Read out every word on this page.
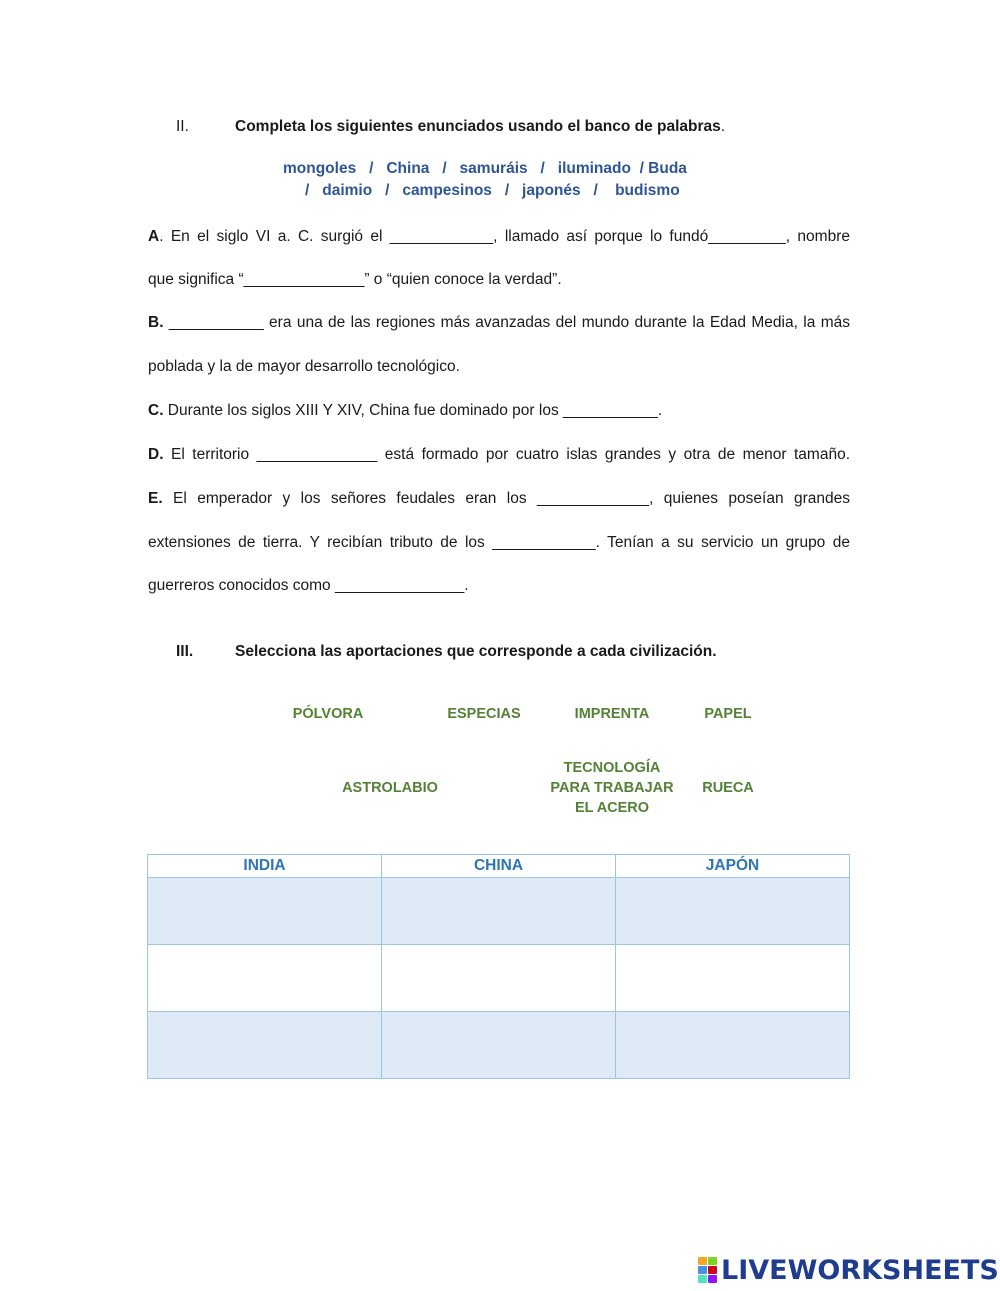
II.	Completa los siguientes enunciados usando el banco de palabras.
mongoles   /   China   /   samuráis   /   iluminado  / Buda
/   daimio   /   campesinos   /   japonés   /    budismo
A. En el siglo VI a. C. surgió el ____________, llamado así porque lo fundó_________, nombre
que significa “______________” o “quien conoce la verdad”.
B. ___________ era una de las regiones más avanzadas del mundo durante la Edad Media, la más
poblada y la de mayor desarrollo tecnológico.
C. Durante los siglos XIII Y XIV, China fue dominado por los ___________.
D. El territorio ______________ está formado por cuatro islas grandes y otra de menor tamaño.
E. El emperador y los señores feudales eran los _____________, quienes poseían grandes
extensiones de tierra. Y recibían tributo de los ____________. Tenían a su servicio un grupo de
guerreros conocidos como _______________.
III.	Selecciona las aportaciones que corresponde a cada civilización.
PÓLVORA	ESPECIAS	IMPRENTA	PAPEL
ASTROLABIO
TECNOLOGÍA
PARA TRABAJAR
EL ACERO
RUECA
INDIA	CHINA	JAPÓN

LIVEWORKSHEETS
